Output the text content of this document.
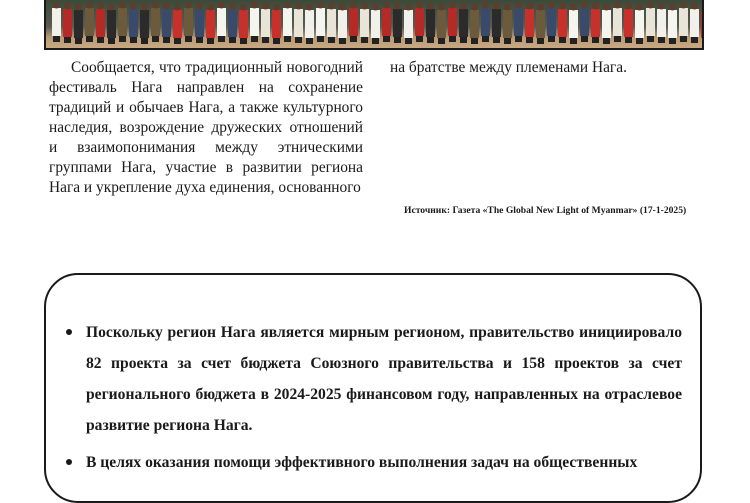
Сообщается, что традиционный новогодний фестиваль Нага направлен на сохранение традиций и обычаев Нага, а также культурного наследия, возрождение дружеских отношений и взаимопонимания между этническими группами Нага, участие в развитии региона Нага и укрепление духа единения, основанного

на братстве между племенами Нага.
Источник: Газета «The Global New Light of Myanmar» (17-1-2025)
Поскольку регион Нага является мирным регионом, правительство инициировало 82 проекта за счет бюджета Союзного правительства и 158 проектов за счет регионального бюджета в 2024-2025 финансовом году, направленных на отраслевое развитие региона Нага.
В целях оказания помощи эффективного выполнения задач на общественных
